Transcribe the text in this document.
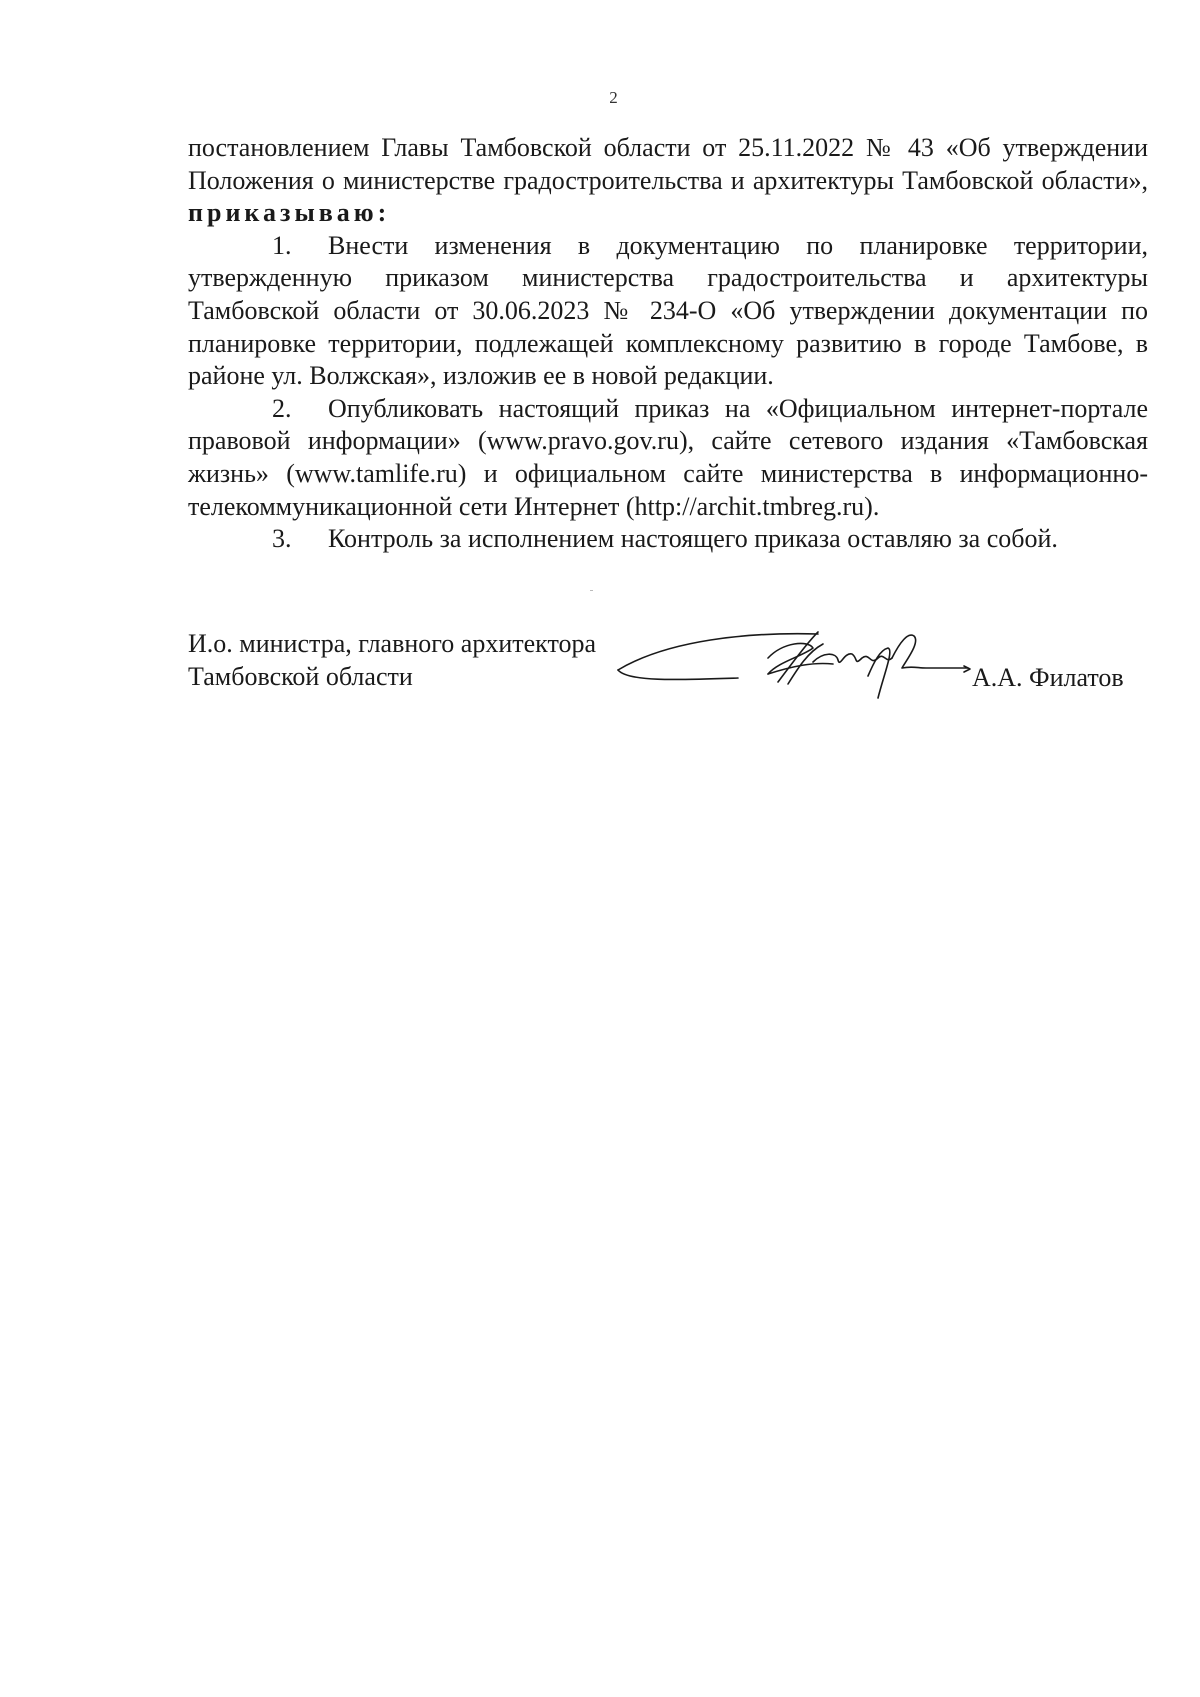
2

постановлением Главы Тамбовской области от 25.11.2022 № 43 «Об утверждении Положения о министерстве градостроительства и архитектуры Тамбовской области», приказываю:

1. Внести изменения в документацию по планировке территории, утвержденную приказом министерства градостроительства и архитектуры Тамбовской области от 30.06.2023 № 234-О «Об утверждении документации по планировке территории, подлежащей комплексному развитию в городе Тамбове, в районе ул. Волжская», изложив ее в новой редакции.

2. Опубликовать настоящий приказ на «Официальном интернет-портале правовой информации» (www.pravo.gov.ru), сайте сетевого издания «Тамбовская жизнь» (www.tamlife.ru) и официальном сайте министерства в информационно-телекоммуникационной сети Интернет (http://archit.tmbreg.ru).

3. Контроль за исполнением настоящего приказа оставляю за собой.

И.о. министра, главного архитектора

Тамбовской области	А.А. Филатов
